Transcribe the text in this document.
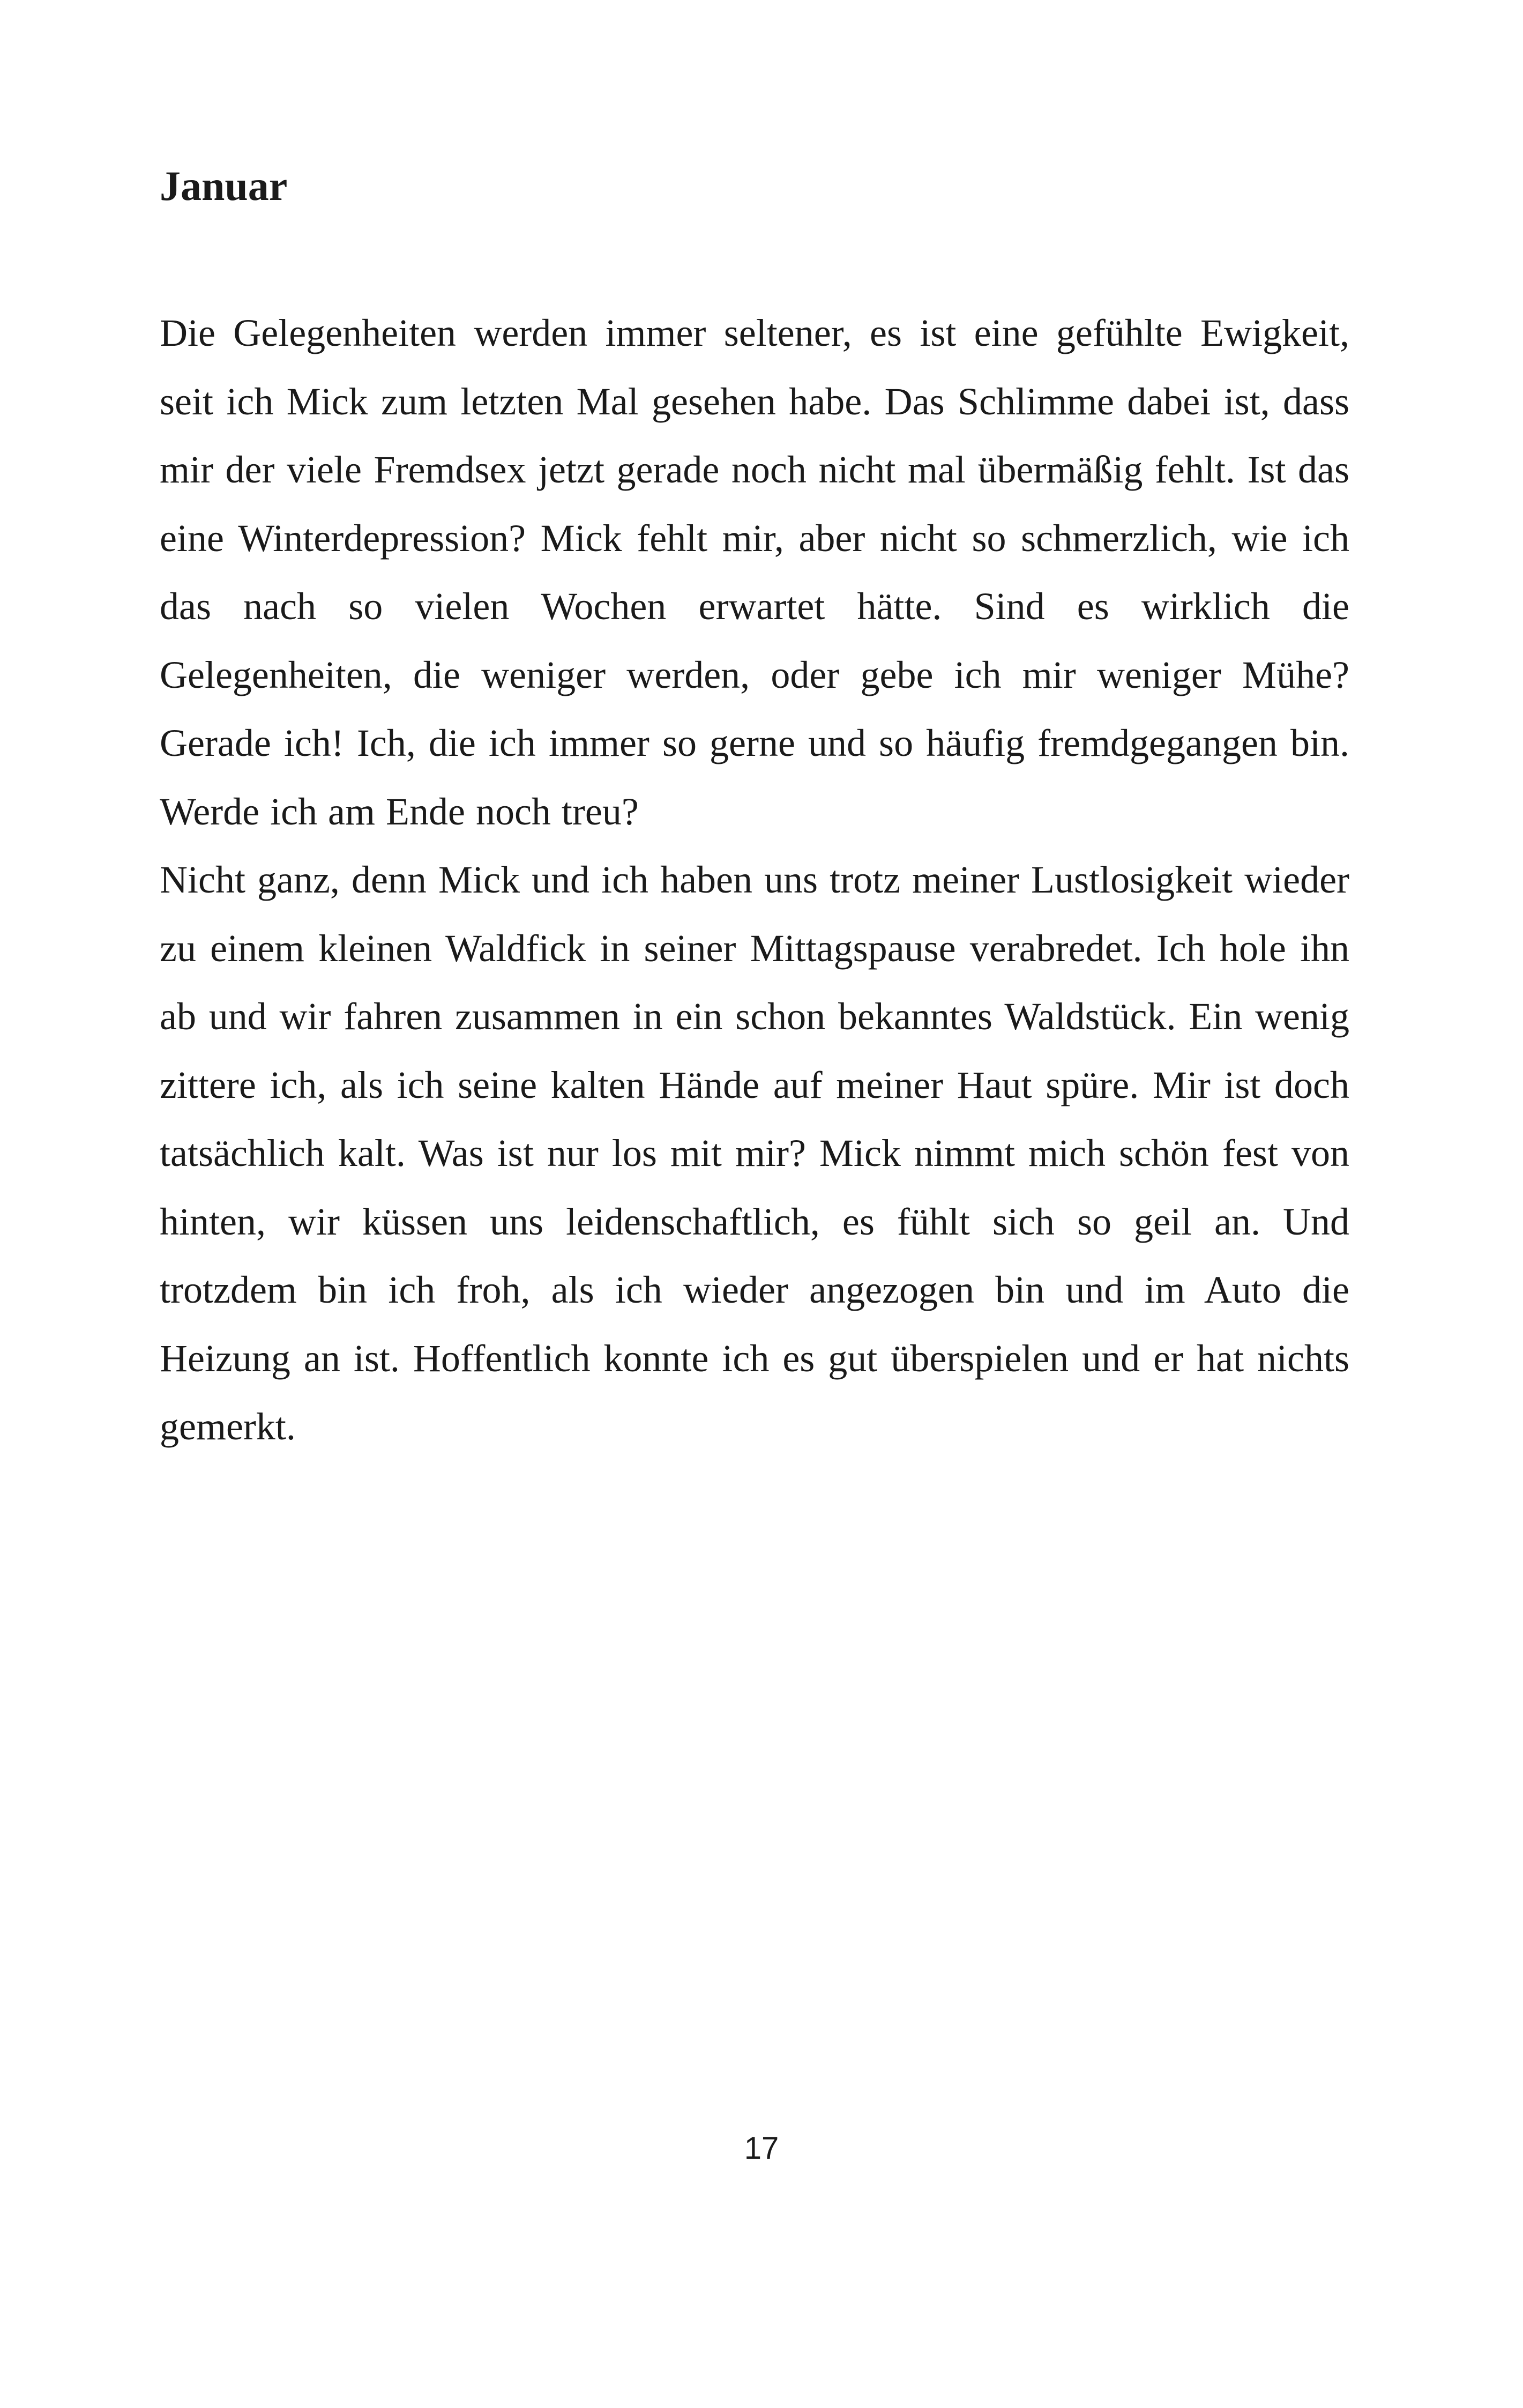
Januar

Die Gelegenheiten werden immer seltener, es ist eine gefühlte Ewigkeit, seit ich Mick zum letzten Mal gesehen habe. Das Schlimme dabei ist, dass mir der viele Fremdsex jetzt gerade noch nicht mal übermäßig fehlt. Ist das eine Winterdepression? Mick fehlt mir, aber nicht so schmerzlich, wie ich das nach so vielen Wochen erwartet hätte. Sind es wirklich die Gelegenheiten, die weniger werden, oder gebe ich mir weniger Mühe? Gerade ich! Ich, die ich immer so gerne und so häufig fremdgegangen bin. Werde ich am Ende noch treu?

Nicht ganz, denn Mick und ich haben uns trotz meiner Lustlosigkeit wieder zu einem kleinen Waldfick in seiner Mittagspause verabredet. Ich hole ihn ab und wir fahren zusammen in ein schon bekanntes Waldstück. Ein wenig zittere ich, als ich seine kalten Hände auf meiner Haut spüre. Mir ist doch tatsächlich kalt. Was ist nur los mit mir? Mick nimmt mich schön fest von hinten, wir küssen uns leidenschaftlich, es fühlt sich so geil an. Und trotzdem bin ich froh, als ich wieder angezogen bin und im Auto die Heizung an ist. Hoffentlich konnte ich es gut überspielen und er hat nichts gemerkt.

17
